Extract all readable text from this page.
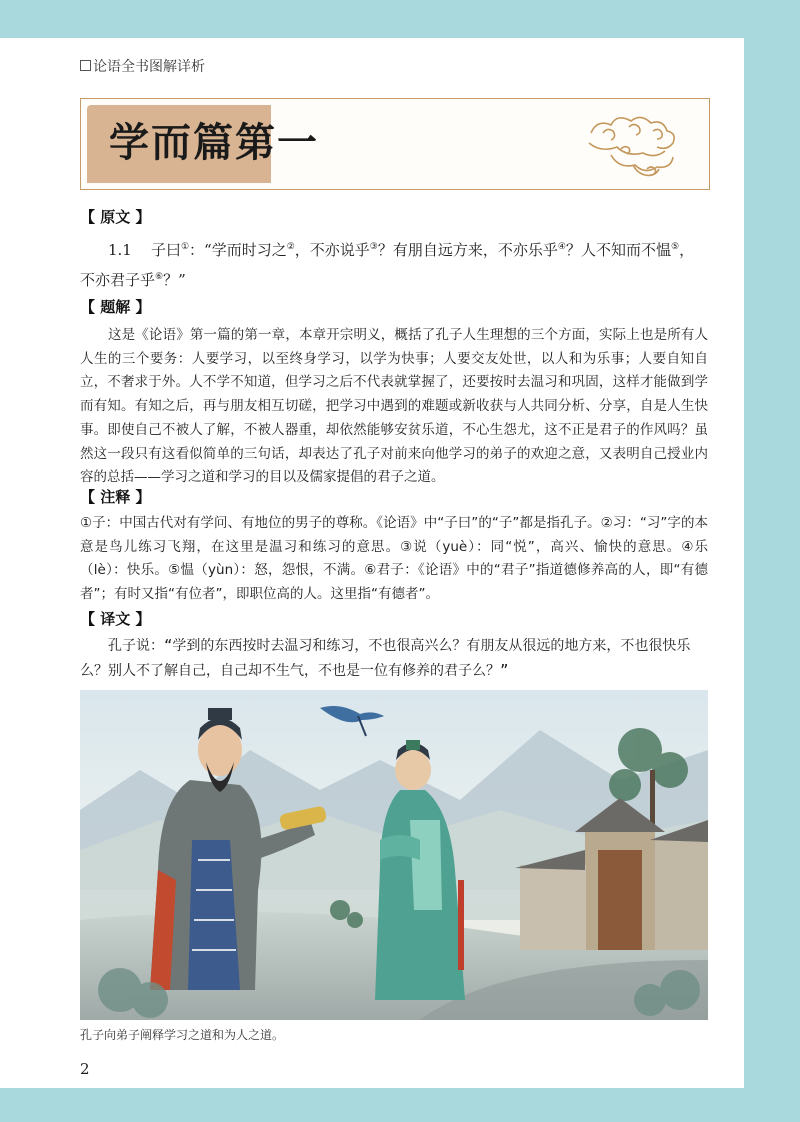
论语全书图解详析
学而篇第一
【 原文 】
1.1 子曰①：“学而时习之②，不亦说乎③？有朋自远方来，不亦乐乎④？人不知而不愠⑤，不亦君子乎⑥？”
【 题解 】
这是《论语》第一篇的第一章，本章开宗明义，概括了孔子人生理想的三个方面，实际上也是所有人人生的三个要务：人要学习，以至终身学习，以学为快事；人要交友处世，以人和为乐事；人要自知自立，不奢求于外。人不学不知道，但学习之后不代表就掌握了，还要按时去温习和巩固，这样才能做到学而有知。有知之后，再与朋友相互切磋，把学习中遇到的难题或新收获与人共同分析、分享，自是人生快事。即使自己不被人了解，不被人器重，却依然能够安贫乐道，不心生怨尤，这不正是君子的作风吗？虽然这一段只有这看似简单的三句话，却表达了孔子对前来向他学习的弟子的欢迎之意，又表明自己授业内容的总括——学习之道和学习的目以及儒家提倡的君子之道。
【 注释 】
①子：中国古代对有学问、有地位的男子的尊称。《论语》中“子曰”的“子”都是指孔子。②习：“习”字的本意是鸟儿练习飞翔，在这里是温习和练习的意思。③说（yuè）：同“悦”，高兴、愉快的意思。④乐（lè）：快乐。⑤愠（yùn）：怒，怨恨，不满。⑥君子：《论语》中的“君子”指道德修养高的人，即“有德者”；有时又指“有位者”，即职位高的人。这里指“有德者”。
【 译文 】
孔子说：“学到的东西按时去温习和练习，不也很高兴么？有朋友从很远的地方来，不也很快乐么？别人不了解自己，自己却不生气，不也是一位有修养的君子么？”
孔子向弟子阐释学习之道和为人之道。
2
